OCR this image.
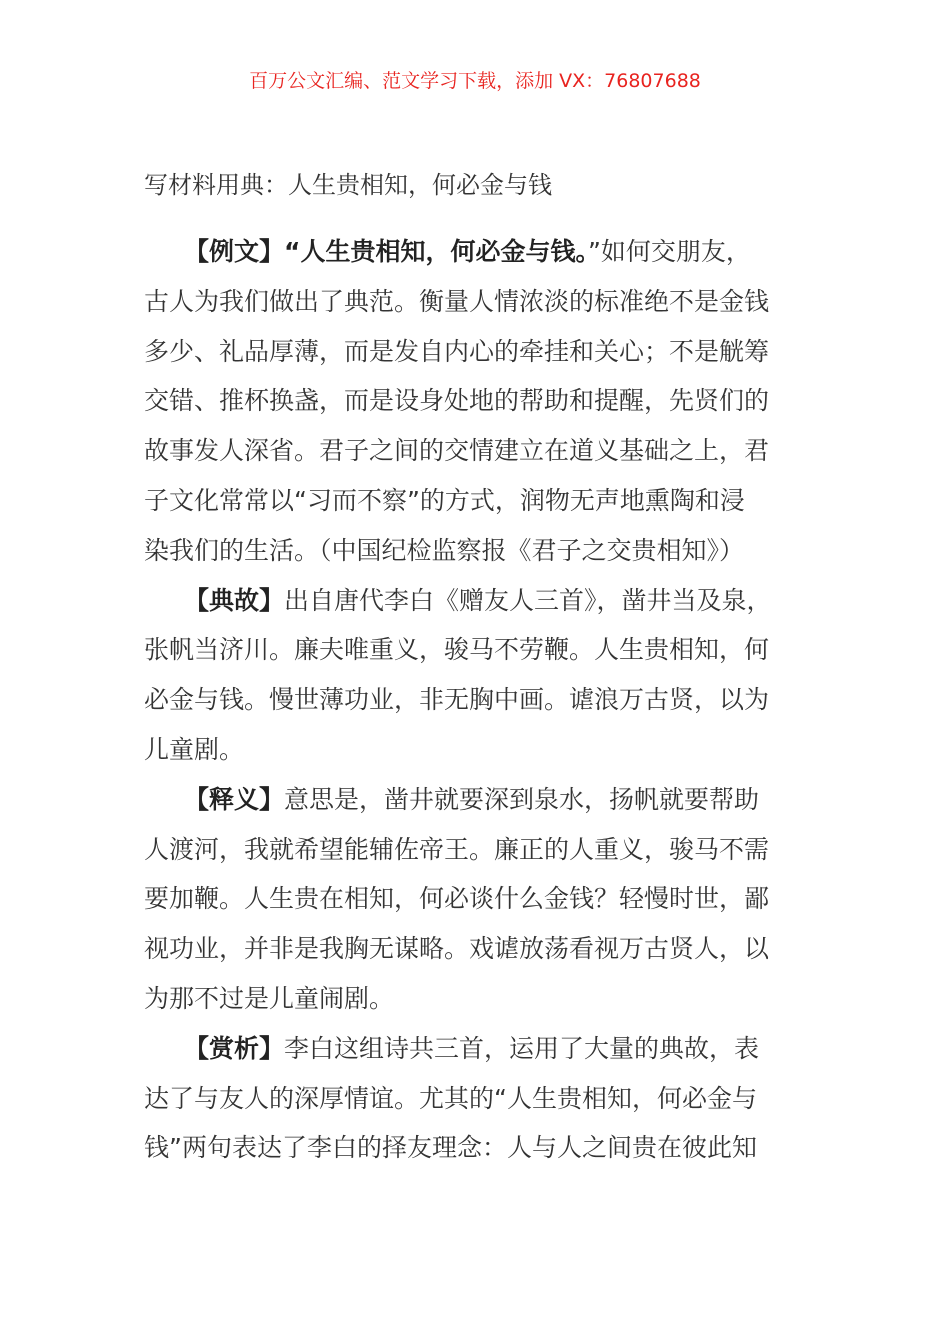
百万公文汇编、范文学习下载，添加 VX：76807688
写材料用典：人生贵相知，何必金与钱
【例文】“人生贵相知，何必金与钱。”如何交朋友，
古人为我们做出了典范。衡量人情浓淡的标准绝不是金钱
多少、礼品厚薄，而是发自内心的牵挂和关心；不是觥筹
交错、推杯换盏，而是设身处地的帮助和提醒，先贤们的
故事发人深省。君子之间的交情建立在道义基础之上，君
子文化常常以“习而不察”的方式，润物无声地熏陶和浸
染我们的生活。（中国纪检监察报《君子之交贵相知》）
【典故】出自唐代李白《赠友人三首》，凿井当及泉，
张帆当济川。廉夫唯重义，骏马不劳鞭。人生贵相知，何
必金与钱。慢世薄功业，非无胸中画。谑浪万古贤，以为
儿童剧。
【释义】意思是，凿井就要深到泉水，扬帆就要帮助
人渡河，我就希望能辅佐帝王。廉正的人重义，骏马不需
要加鞭。人生贵在相知，何必谈什么金钱？轻慢时世，鄙
视功业，并非是我胸无谋略。戏谑放荡看视万古贤人，以
为那不过是儿童闹剧。
【赏析】李白这组诗共三首，运用了大量的典故，表
达了与友人的深厚情谊。尤其的“人生贵相知，何必金与
钱”两句表达了李白的择友理念：人与人之间贵在彼此知
